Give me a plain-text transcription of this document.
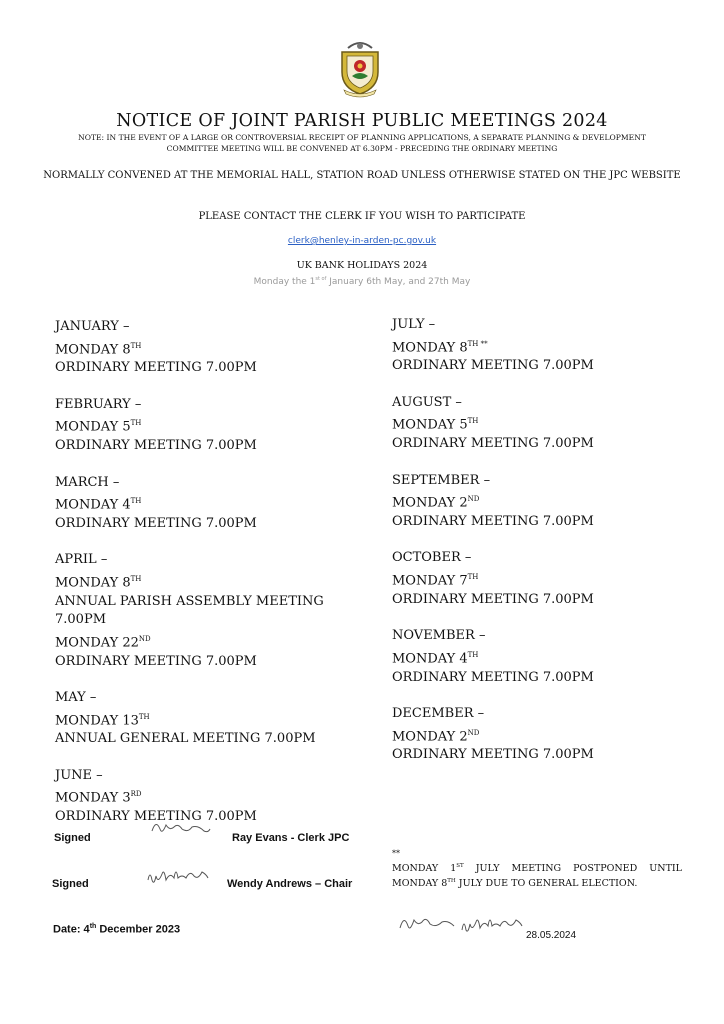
NOTICE OF JOINT PARISH PUBLIC MEETINGS 2024
NOTE: IN THE EVENT OF A LARGE OR CONTROVERSIAL RECEIPT OF PLANNING APPLICATIONS, A SEPARATE PLANNING & DEVELOPMENT COMMITTEE MEETING WILL BE CONVENED AT 6.30PM - PRECEDING THE ORDINARY MEETING
NORMALLY CONVENED AT THE MEMORIAL HALL, STATION ROAD UNLESS OTHERWISE STATED ON THE JPC WEBSITE
PLEASE CONTACT THE CLERK IF YOU WISH TO PARTICIPATE
clerk@henley-in-arden-pc.gov.uk
UK BANK HOLIDAYS 2024
Monday the $1^{st of}$ January 6th May, and 27th May
JANUARY –
MONDAY 8TH
ORDINARY MEETING 7.00PM
FEBRUARY –
MONDAY 5TH
ORDINARY MEETING 7.00PM
MARCH –
MONDAY 4TH
ORDINARY MEETING 7.00PM
APRIL –
MONDAY 8TH
ANNUAL PARISH ASSEMBLY MEETING
7.00PM
MONDAY 22ND
ORDINARY MEETING 7.00PM
MAY –
MONDAY 13TH
ANNUAL GENERAL MEETING 7.00PM
JUNE –
MONDAY 3RD
ORDINARY MEETING 7.00PM
JULY –
MONDAY $8^{TH **}$
ORDINARY MEETING 7.00PM
AUGUST –
MONDAY 5TH
ORDINARY MEETING 7.00PM
SEPTEMBER –
MONDAY 2ND
ORDINARY MEETING 7.00PM
OCTOBER –
MONDAY 7TH
ORDINARY MEETING 7.00PM
NOVEMBER –
MONDAY 4TH
ORDINARY MEETING 7.00PM
DECEMBER –
MONDAY 2ND
ORDINARY MEETING 7.00PM
Signed	Ray Evans - Clerk JPC
Signed	Wendy Andrews – Chair
Date: 4th December 2023
**
MONDAY 1ST JULY MEETING POSTPONED UNTIL MONDAY 8TH JULY DUE TO GENERAL ELECTION.
28.05.2024
